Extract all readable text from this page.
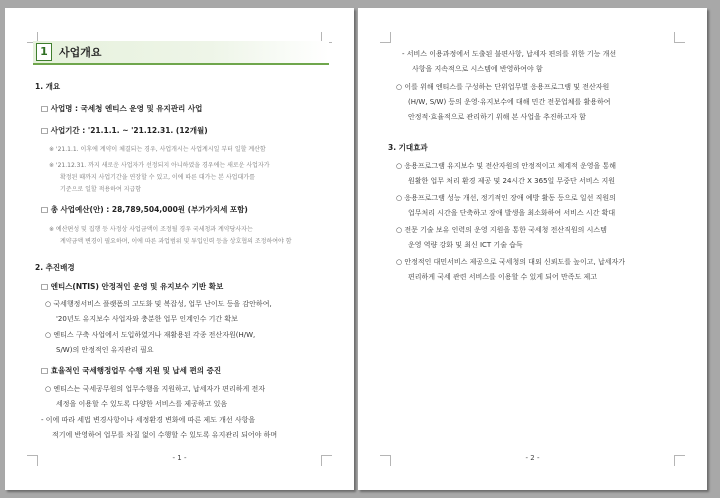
1	사업개요
1. 개요
□ 사업명 : 국세청 엔티스 운영 및 유지관리 사업
□ 사업기간 : '21.1.1. ~ '21.12.31. (12개월)
※ '21.1.1. 이후에 계약이 체결되는 경우, 사업개시는 사업계시일 부터 일할 계산함
※ '21.12.31. 까지 새로운 사업자가 선정되지 아니하였을 경우에는 새로운 사업자가
확정된 때까지 사업기간을 연장할 수 있고, 이에 따른 대가는 본 사업대가를
기준으로 일할 적용하여 지급함
□ 총 사업예산(안) : 28,789,504,000원 (부가가치세 포함)
※ 예산편성 및 집행 등 사정상 사업금액이 조정될 경우 국세청과 계약당사자는
계약금액 변경이 필요하며, 이에 따른 과업범위 및 투입인력 등을 상호협의 조정하여야 함
2. 추진배경
□ 엔티스(NTIS) 안정적인 운영 및 유지보수 기반 확보
○ 국세행정서비스 플랫폼의 고도화 및 복잡성, 업무 난이도 등을 감안하여,
'20년도 유지보수 사업자와 충분한 업무 인계인수 기간 확보
○ 엔티스 구축 사업에서 도입하였거나 재활용된 각종 전산자원(H/W,
S/W)의 안정적인 유지관리 필요
□ 효율적인 국세행정업무 수행 지원 및 납세 편의 증진
○ 엔티스는 국세공무원의 업무수행을 지원하고, 납세자가 편리하게 전자
세정을 이용할 수 있도록 다양한 서비스를 제공하고 있음
- 이에 따라 세법 변경사항이나 세정환경 변화에 따른 제도 개선 사항을
적기에 반영하여 업무를 차질 없이 수행할 수 있도록 유지관리 되어야 하며
- 1 -
- 서비스 이용과정에서 도출된 불편사항, 납세자 편의를 위한 기능 개선
사항을 지속적으로 시스템에 반영하여야 함
○ 이를 위해 엔티스를 구성하는 단위업무별 응용프로그램 및 전산자원
(H/W, S/W) 등의 운영·유지보수에 대해 민간 전문업체를 활용하여
안정적·효율적으로 관리하기 위해 본 사업을 추진하고자 함
3. 기대효과
○ 응용프로그램 유지보수 및 전산자원의 안정적이고 체계적 운영을 통해
원활한 업무 처리 환경 제공 및 24시간 X 365일 무중단 서비스 지원
○ 응용프로그램 성능 개선, 정기적인 장애 예방 활동 등으로 일선 직원의
업무처리 시간을 단축하고 장애 발생을 최소화하여 서비스 시간 확대
○ 전문 기술 보유 인력의 운영 지원을 통한 국세청 전산직원의 시스템
운영 역량 강화 및 최신 ICT 기술 습득
○ 안정적인 대민서비스 제공으로 국세청의 대외 신뢰도를 높이고, 납세자가
편리하게 국세 관련 서비스를 이용할 수 있게 되어 만족도 제고
- 2 -
